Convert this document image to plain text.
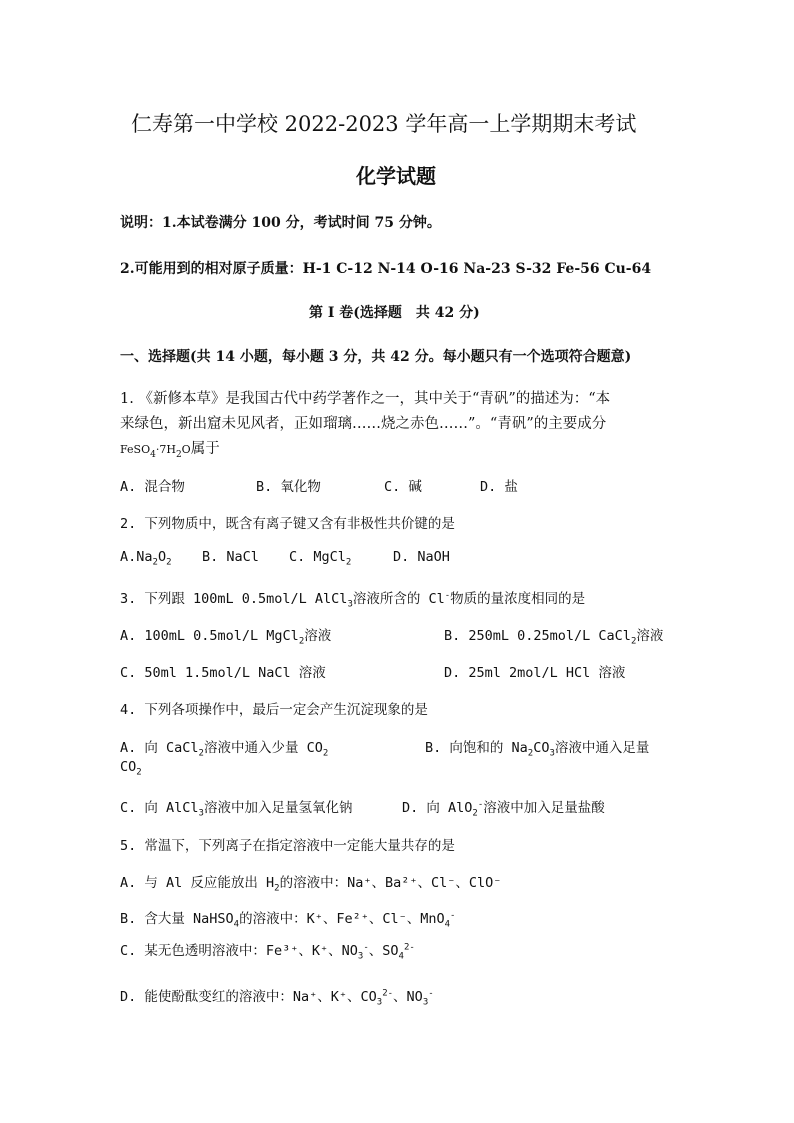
仁寿第一中学校 2022-2023 学年高一上学期期末考试
化学试题
说明：1.本试卷满分 100 分，考试时间 75 分钟。
2.可能用到的相对原子质量：H-1 C-12 N-14 O-16 Na-23 S-32 Fe-56 Cu-64
第 I 卷(选择题　共 42 分)
一、选择题(共 14 小题，每小题 3 分，共 42 分。每小题只有一个选项符合题意)
1. 《新修本草》是我国古代中药学著作之一，其中关于“青矾”的描述为：“本
来绿色，新出窟未见风者，正如瑠璃……烧之赤色……”。“青矾”的主要成分
$FeSO_4\cdot 7H_2O$属于
A. 混合物	B. 氧化物	C. 碱	D. 盐
2. 下列物质中，既含有离子键又含有非极性共价键的是
$A.Na_2O_2$ B. NaCl C. MgCl$_2$	D. NaOH
3. 下列跟 100mL 0.5mol/L AlCl$_3$溶液所含的 Cl-物质的量浓度相同的是
A. 100mL 0.5mol/L MgCl$_2$溶液	B. 250mL 0.25mol/L CaCl$_2$溶液
C. 50ml 1.5mol/L NaCl 溶液	D. 25ml 2mol/L HCl 溶液
4. 下列各项操作中，最后一定会产生沉淀现象的是
A. 向 CaCl$_2$溶液中通入少量 $CO_2$	B. 向饱和的 $Na_2CO_3$溶液中通入足量
$CO_2$
C. 向 AlCl$_3$溶液中加入足量氢氧化钠	D. 向 AlO$_2$-溶液中加入足量盐酸
5. 常温下，下列离子在指定溶液中一定能大量共存的是
A. 与 Al 反应能放出 $H_2$的溶液中：Na⁺、Ba²⁺、Cl⁻、ClO⁻
B. 含大量 NaHSO$_4$的溶液中：K⁺、Fe²⁺、Cl⁻、MnO$_4$-
C. 某无色透明溶液中：Fe³⁺、K⁺、$NO_3^-$、$SO_4^{2-}$
D. 能使酚酞变红的溶液中：Na⁺、K⁺、$CO_3^{2-}$、$NO_3^-$
